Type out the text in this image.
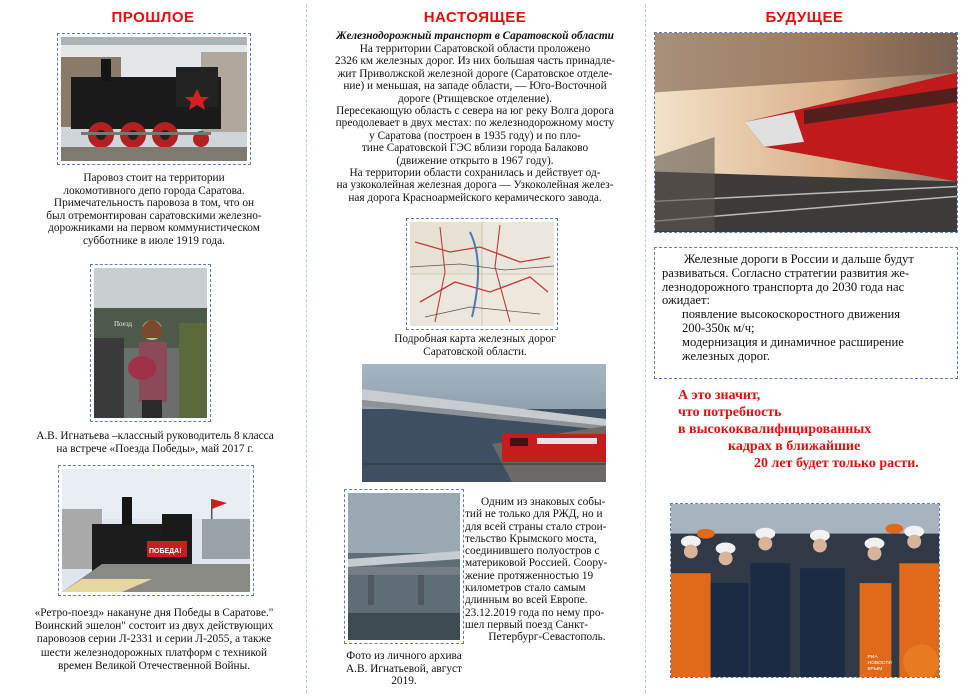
ПРОШЛОЕ
Паровоз стоит на территории
локомотивного депо города Саратова.
Примечательность паровоза в том, что он
был отремонтирован саратовскими железно-
дорожниками на первом коммунистическом
субботнике в июле 1919 года.
Поезд
А.В. Игнатьева –классный руководитель 8 класса
на встрече «Поезда Победы», май 2017 г.
ПОБЕДА!
«Ретро-поезд» накануне дня Победы в Саратове."
Воинский эшелон" состоит из двух действующих
паровозов серии Л-2331 и серии Л-2055, а также
шести железнодорожных платформ с техникой
времен Великой Отечественной Войны.
НАСТОЯЩЕЕ
Железнодорожный транспорт в Саратовской области
На территории Саратовской области проложено
2326 км железных дорог. Из них большая часть принадле-
жит Приволжской железной дороге (Саратовское отделе-
ние) и меньшая, на западе области, — Юго-Восточной
дороге (Ртищевское отделение).
Пересекающую область с севера на юг реку Волга дорога
преодолевает в двух местах: по железнодорожному мосту
у Саратова (построен в 1935 году) и по пло-
тине Саратовской ГЭС вблизи города Балаково
(движение открыто в 1967 году).
На территории области сохранилась и действует од-
на узкоколейная железная дорога — Узкоколейная желез-
ная дорога Красноармейского керамического завода.
Подробная карта железных дорог
Саратовской области.

Одним из знаковых собы-

тий не только для РЖД, но и

для всей страны стало строи-

тельство Крымского моста,

соединившего полуостров с

материковой Россией. Соору-

жение протяженностью 19

километров стало самым

длинным во всей Европе.

23.12.2019 года по нему про-

шел первый поезд Санкт-

Петербург-Севастополь.

Фото из личного архива
А.В. Игнатьевой, август
2019.
БУДУЩЕЕ

Железные дороги в России и дальше будут

развиваться. Согласно стратегии развития же-

лезнодорожного транспорта до 2030 года нас

ожидает:

появление высокоскоростного движения

200-350к м/ч;

модернизация и динамичное расширение

железных дорог.

А это значит,
что потребность
в высококвалифицированных
кадрах в ближайшие
20 лет будет только расти.
РИА
НОВОСТИ
КРЫМ
